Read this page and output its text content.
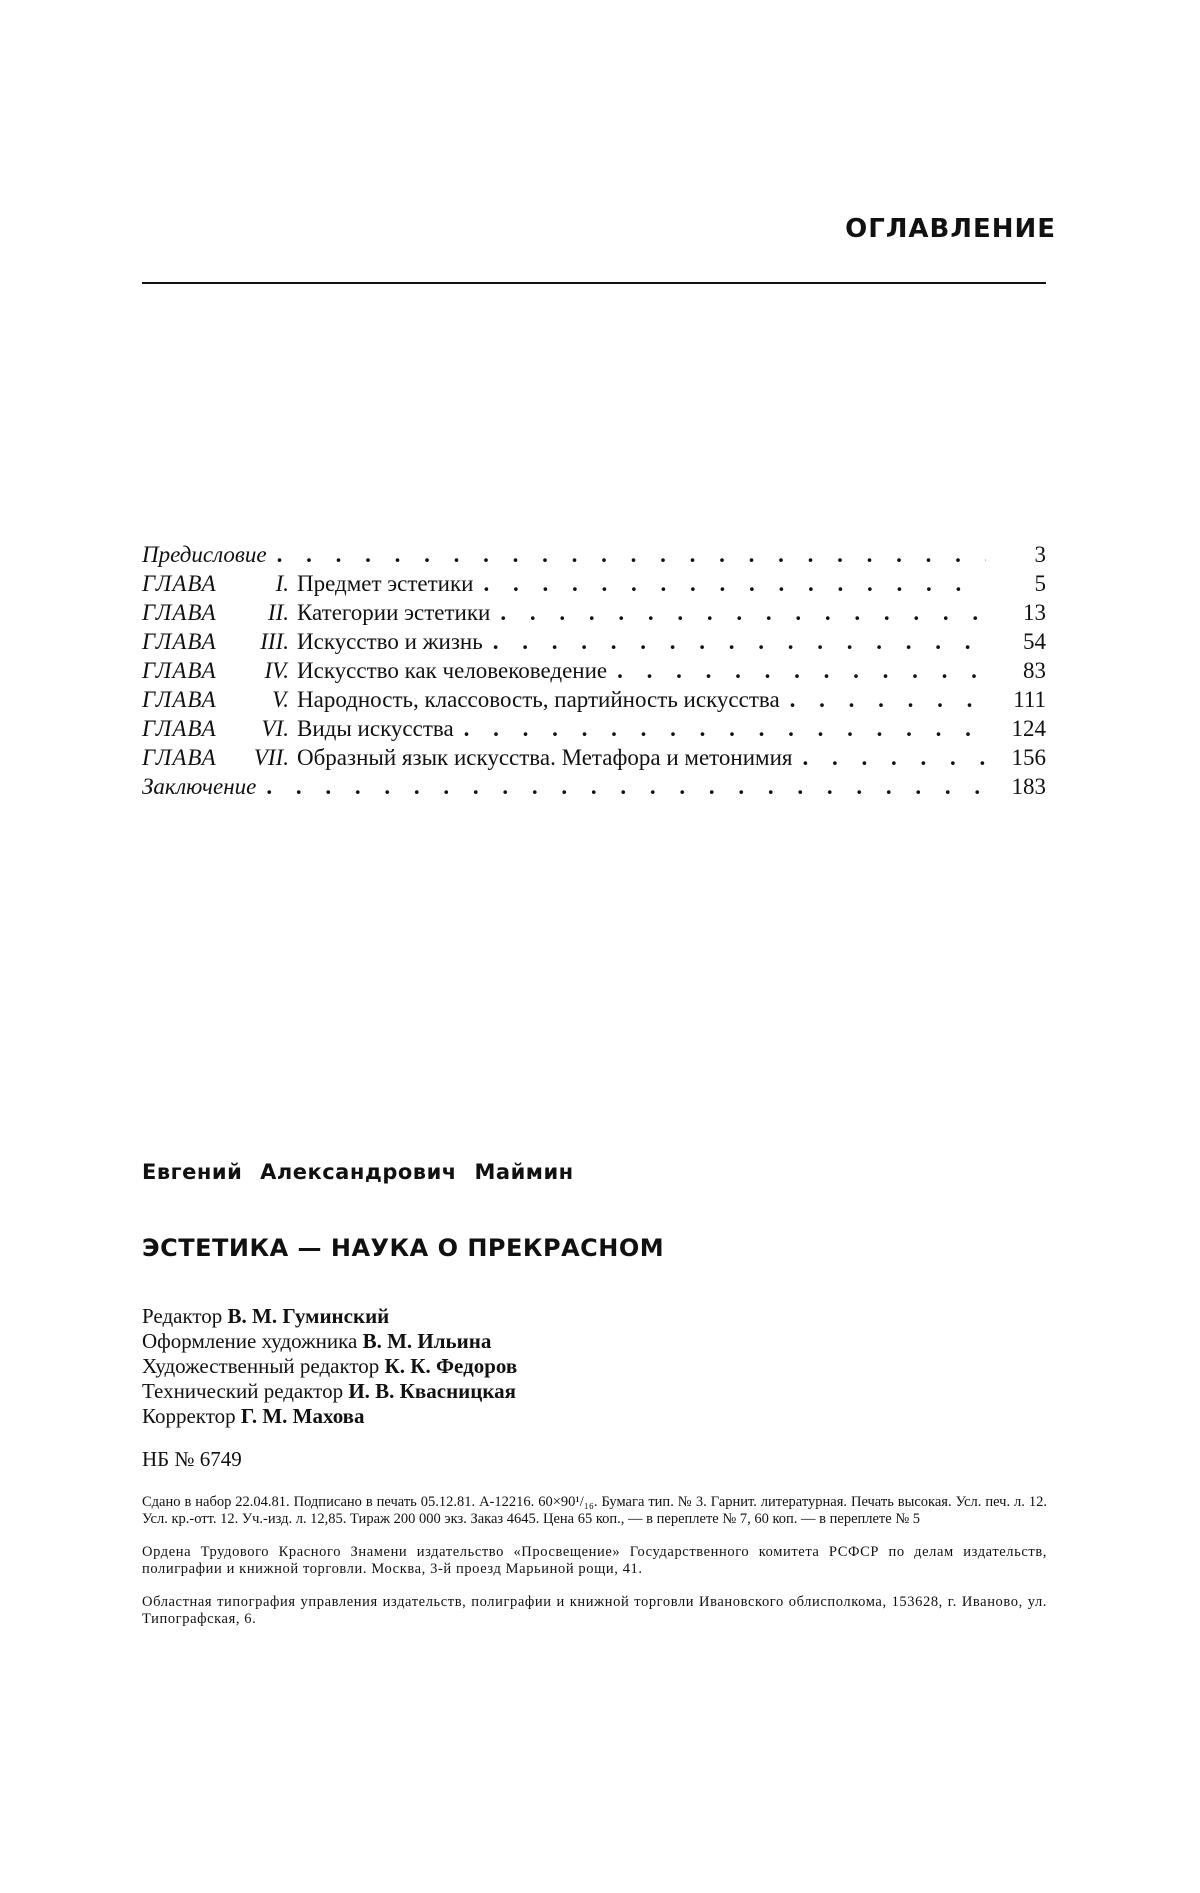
ОГЛАВЛЕНИЕ
Предисловие . . .	3
ГЛАВА	I. Предмет эстетики . . .	5
ГЛАВА	II. Категории эстетики . . .	13
ГЛАВА	III. Искусство и жизнь . . .	54
ГЛАВА	IV. Искусство как человековедение . . .	83
ГЛАВА	V. Народность, классовость, партийность искусства . . .	111
ГЛАВА	VI. Виды искусства . . .	124
ГЛАВА	VII. Образный язык искусства. Метафора и метонимия . . .	156
Заключение . . .	183

Евгений Александрович Маймин

ЭСТЕТИКА — НАУКА О ПРЕКРАСНОМ

Редактор В. М. Гуминский
Оформление художника В. М. Ильина
Художественный редактор К. К. Федоров
Технический редактор И. В. Квасницкая
Корректор Г. М. Махова

НБ № 6749

Сдано в набор 22.04.81. Подписано в печать 05.12.81. А-12216. 60×90¹/₁₆. Бумага тип. № 3. Гарнит. литературная. Печать высокая. Усл. печ. л. 12. Усл. кр.-отт. 12. Уч.-изд. л. 12,85. Тираж 200 000 экз. Заказ 4645. Цена 65 коп., — в переплете № 7, 60 коп. — в переплете № 5

Ордена Трудового Красного Знамени издательство «Просвещение» Государственного комитета РСФСР по делам издательств, полиграфии и книжной торговли. Москва, 3-й проезд Марьиной рощи, 41.

Областная типография управления издательств, полиграфии и книжной торговли Ивановского облисполкома, 153628, г. Иваново, ул. Типографская, 6.
